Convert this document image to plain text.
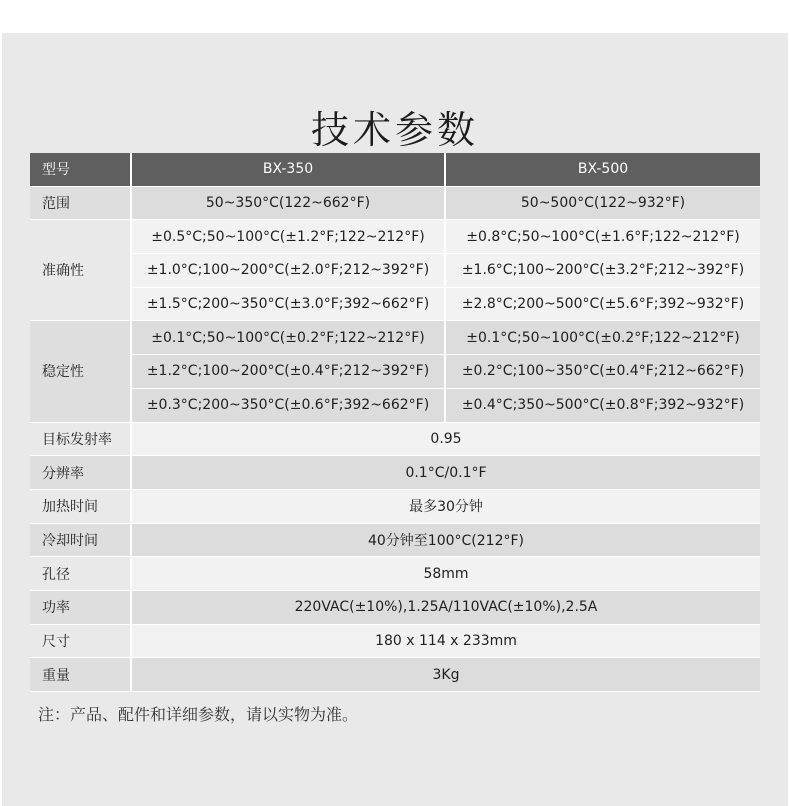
技术参数
型号	BX-350	BX-500
范围	50~350°C(122~662°F)	50~500°C(122~932°F)
准确性	±0.5°C;50~100°C(±1.2°F;122~212°F)	±0.8°C;50~100°C(±1.6°F;122~212°F)
	±1.0°C;100~200°C(±2.0°F;212~392°F)	±1.6°C;100~200°C(±3.2°F;212~392°F)
	±1.5°C;200~350°C(±3.0°F;392~662°F)	±2.8°C;200~500°C(±5.6°F;392~932°F)
稳定性	±0.1°C;50~100°C(±0.2°F;122~212°F)	±0.1°C;50~100°C(±0.2°F;122~212°F)
	±1.2°C;100~200°C(±0.4°F;212~392°F)	±0.2°C;100~350°C(±0.4°F;212~662°F)
	±0.3°C;200~350°C(±0.6°F;392~662°F)	±0.4°C;350~500°C(±0.8°F;392~932°F)
目标发射率	0.95	
分辨率	0.1°C/0.1°F	
加热时间	最多30分钟	
冷却时间	40分钟至100°C(212°F)	
孔径	58mm	
功率	220VAC(±10%),1.25A/110VAC(±10%),2.5A	
尺寸	180 x 114 x 233mm	
重量	3Kg	
注：产品、配件和详细参数，请以实物为准。
